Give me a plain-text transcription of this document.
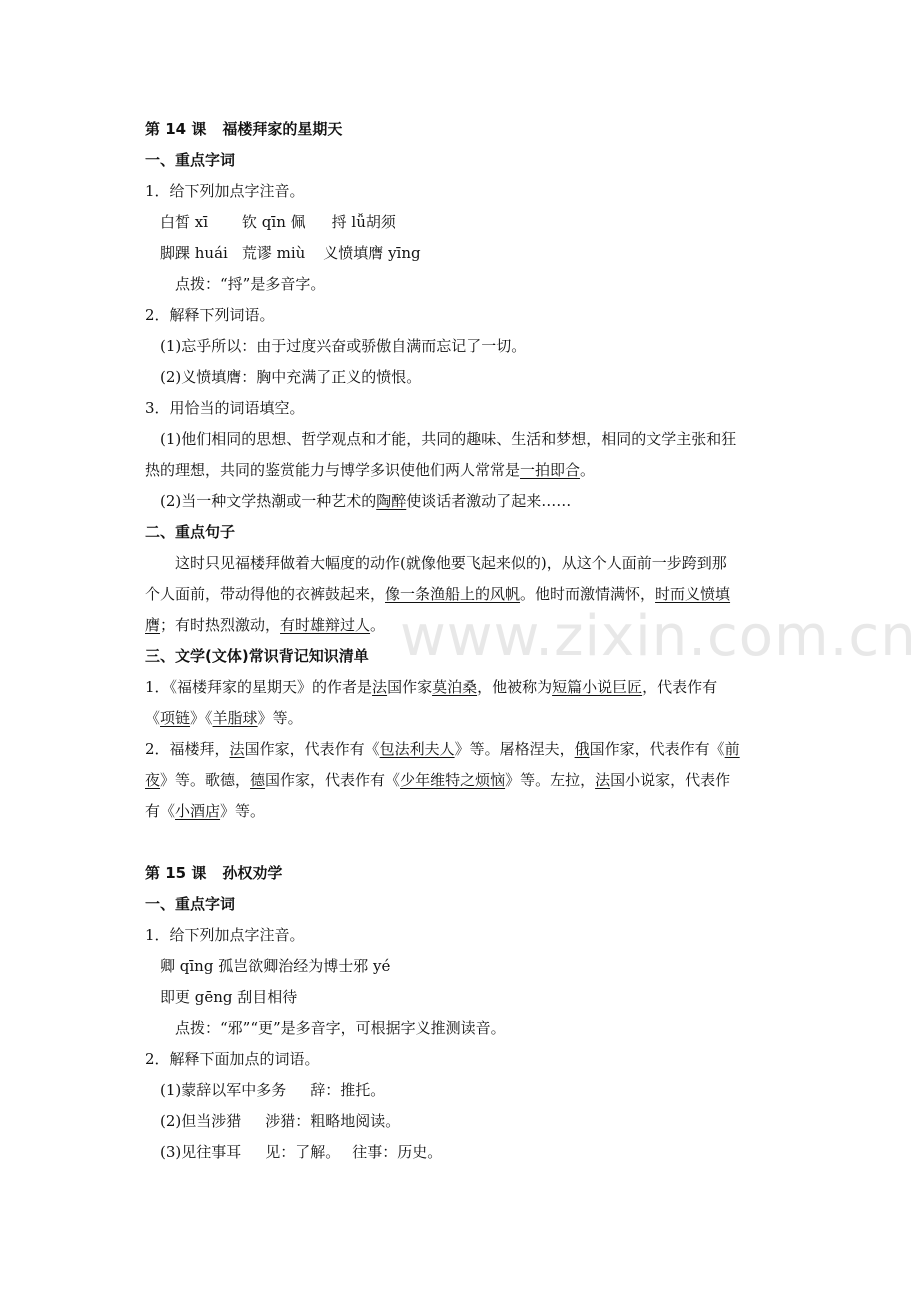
www.zixin.com.cn
第 14 课 福楼拜家的星期天
一、重点字词
1．给下列加点字注音。
白皙 xī 钦 qīn 佩 捋 lǚ胡须
脚踝 huái 荒谬 miù 义愤填膺 yīng
点拨：“捋”是多音字。
2．解释下列词语。
(1)忘乎所以：由于过度兴奋或骄傲自满而忘记了一切。
(2)义愤填膺：胸中充满了正义的愤恨。
3．用恰当的词语填空。
(1)他们相同的思想、哲学观点和才能，共同的趣味、生活和梦想，相同的文学主张和狂
热的理想，共同的鉴赏能力与博学多识使他们两人常常是一拍即合。
(2)当一种文学热潮或一种艺术的陶醉使谈话者激动了起来……
二、重点句子
这时只见福楼拜做着大幅度的动作(就像他要飞起来似的)，从这个人面前一步跨到那
个人面前，带动得他的衣裤鼓起来，像一条渔船上的风帆。他时而激情满怀，时而义愤填
膺；有时热烈激动，有时雄辩过人。
三、文学(文体)常识背记知识清单
1．《福楼拜家的星期天》的作者是法国作家莫泊桑，他被称为短篇小说巨匠，代表作有
《项链》《羊脂球》等。
2．福楼拜，法国作家，代表作有《包法利夫人》等。屠格涅夫，俄国作家，代表作有《前
夜》等。歌德，德国作家，代表作有《少年维特之烦恼》等。左拉，法国小说家，代表作
有《小酒店》等。
第 15 课 孙权劝学
一、重点字词
1．给下列加点字注音。
卿 qīng 孤岂欲卿治经为博士邪 yé
即更 gēng 刮目相待
点拨：“邪”“更”是多音字，可根据字义推测读音。
2．解释下面加点的词语。
(1)蒙辞以军中多务 辞：推托。
(2)但当涉猎 涉猎：粗略地阅读。
(3)见往事耳 见：了解。 往事：历史。
